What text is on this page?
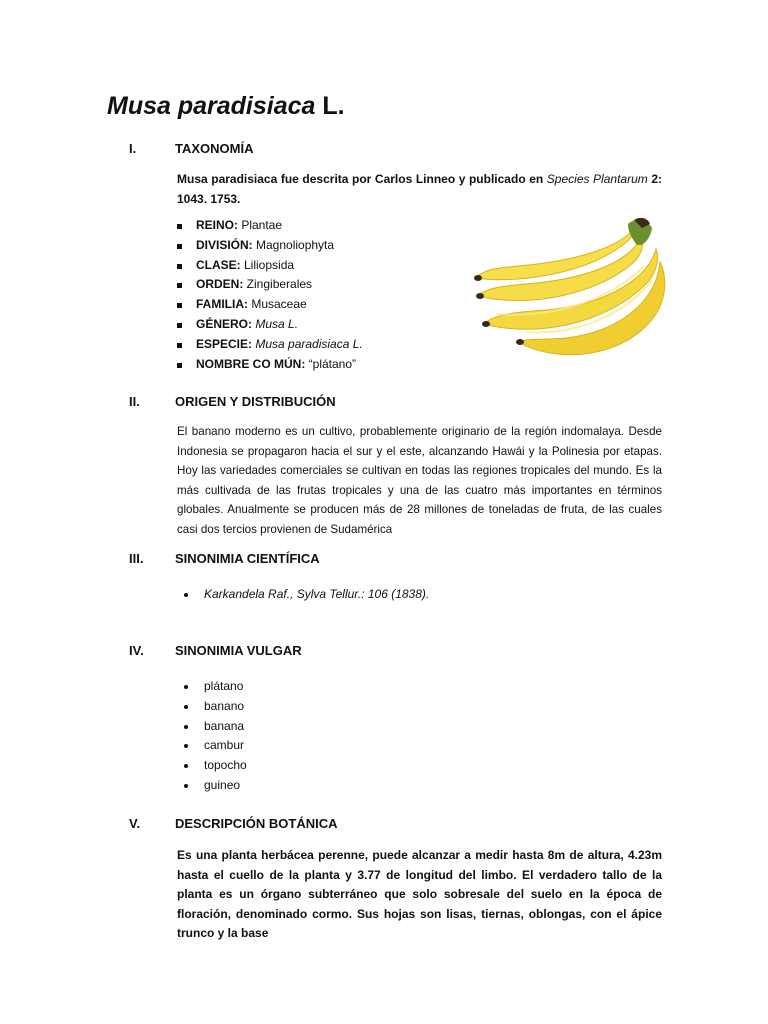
Musa paradisiaca L.
I.	TAXONOMÍA
Musa paradisiaca fue descrita por Carlos Linneo y publicado en Species Plantarum 2: 1043. 1753.
REINO: Plantae
DIVISIÓN: Magnoliophyta
CLASE: Liliopsida
ORDEN: Zingiberales
FAMILIA: Musaceae
GÉNERO: Musa L.
ESPECIE: Musa paradisiaca L.
NOMBRE CO MÚN: “plátano”
II.	ORIGEN Y DISTRIBUCIÓN
El banano moderno es un cultivo, probablemente originario de la región indomalaya. Desde Indonesia se propagaron hacia el sur y el este, alcanzando Hawái y la Polinesia por etapas. Hoy las variedades comerciales se cultivan en todas las regiones tropicales del mundo. Es la más cultivada de las frutas tropicales y una de las cuatro más importantes en términos globales. Anualmente se producen más de 28 millones de toneladas de fruta, de las cuales casi dos tercios provienen de Sudamérica
III. SINONIMIA CIENTÍFICA
Karkandela Raf., Sylva Tellur.: 106 (1838).
IV. SINONIMIA VULGAR
plátano
banano
banana
cambur
topocho
guineo
V.	DESCRIPCIÓN BOTÁNICA
Es una planta herbácea perenne, puede alcanzar a medir hasta 8m de altura, 4.23m hasta el cuello de la planta y 3.77 de longitud del limbo. El verdadero tallo de la planta es un órgano subterráneo que solo sobresale del suelo en la época de floración, denominado cormo. Sus hojas son lisas, tiernas, oblongas, con el ápice trunco y la base
